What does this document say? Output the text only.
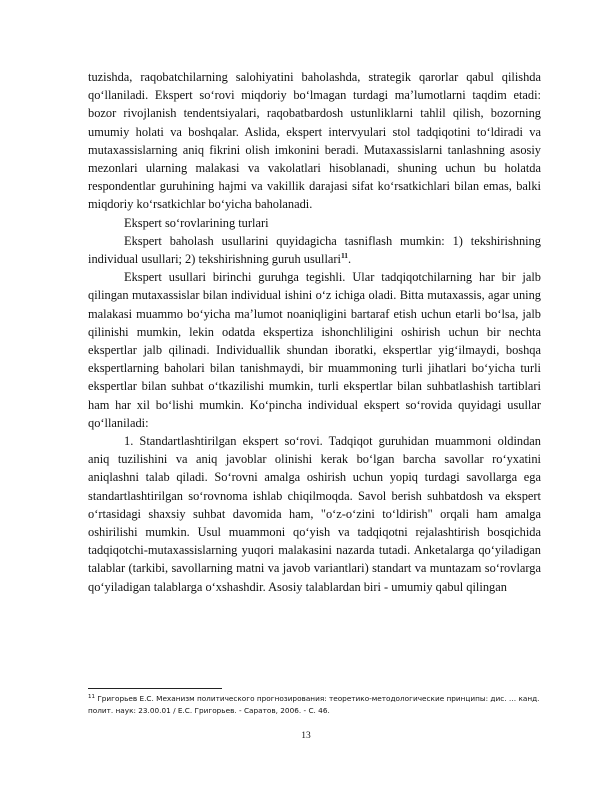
tuzishda, raqobatchilarning salohiyatini baholashda, strategik qarorlar qabul qilishda qo‘llaniladi. Ekspert so‘rovi miqdoriy bo‘lmagan turdagi ma’lumotlarni taqdim etadi: bozor rivojlanish tendentsiyalari, raqobatbardosh ustunliklarni tahlil qilish, bozorning umumiy holati va boshqalar. Aslida, ekspert intervyulari stol tadqiqotini to‘ldiradi va mutaxassislarning aniq fikrini olish imkonini beradi. Mutaxassislarni tanlashning asosiy mezonlari ularning malakasi va vakolatlari hisoblanadi, shuning uchun bu holatda respondentlar guruhining hajmi va vakillik darajasi sifat ko‘rsatkichlari bilan emas, balki miqdoriy ko‘rsatkichlar bo‘yicha baholanadi.

Ekspert so‘rovlarining turlari

Ekspert baholash usullarini quyidagicha tasniflash mumkin: 1) tekshirishning individual usullari; 2) tekshirishning guruh usullari$^{11}$.

Ekspert usullari birinchi guruhga tegishli. Ular tadqiqotchilarning har bir jalb qilingan mutaxassislar bilan individual ishini o‘z ichiga oladi. Bitta mutaxassis, agar uning malakasi muammo bo‘yicha ma’lumot noaniqligini bartaraf etish uchun etarli bo‘lsa, jalb qilinishi mumkin, lekin odatda ekspertiza ishonchliligini oshirish uchun bir nechta ekspertlar jalb qilinadi. Individuallik shundan iboratki, ekspertlar yig‘ilmaydi, boshqa ekspertlarning baholari bilan tanishmaydi, bir muammoning turli jihatlari bo‘yicha turli ekspertlar bilan suhbat o‘tkazilishi mumkin, turli ekspertlar bilan suhbatlashish tartiblari ham har xil bo‘lishi mumkin. Ko‘pincha individual ekspert so‘rovida quyidagi usullar qo‘llaniladi:

1. Standartlashtirilgan ekspert so‘rovi. Tadqiqot guruhidan muammoni oldindan aniq tuzilishini va aniq javoblar olinishi kerak bo‘lgan barcha savollar ro‘yxatini aniqlashni talab qiladi. So‘rovni amalga oshirish uchun yopiq turdagi savollarga ega standartlashtirilgan so‘rovnoma ishlab chiqilmoqda. Savol berish suhbatdosh va ekspert o‘rtasidagi shaxsiy suhbat davomida ham, "o‘z-o‘zini to‘ldirish" orqali ham amalga oshirilishi mumkin. Usul muammoni qo‘yish va tadqiqotni rejalashtirish bosqichida tadqiqotchi-mutaxassislarning yuqori malakasini nazarda tutadi. Anketalarga qo‘yiladigan talablar (tarkibi, savollarning matni va javob variantlari) standart va muntazam so‘rovlarga qo‘yiladigan talablarga o‘xshashdir. Asosiy talablardan biri - umumiy qabul qilingan

$^{11}$ Григорьев Е.С. Механизм политического прогнозирования: теоретико-методологические принципы: дис. … канд. полит. наук: 23.00.01 / Е.С. Григорьев. - Саратов, 2006. - С. 46.
13
